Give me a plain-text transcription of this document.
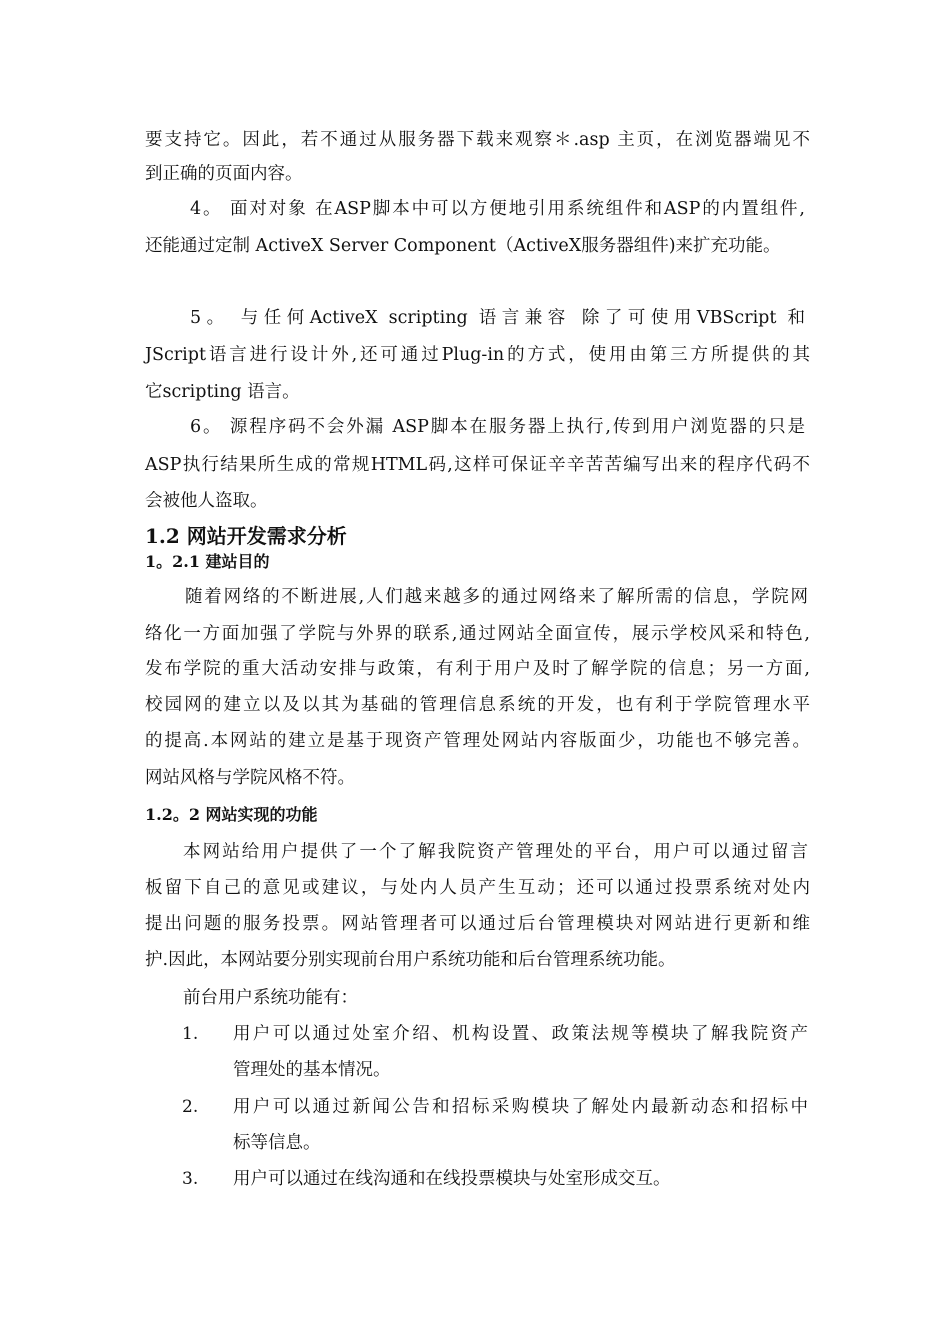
要支持它。因此，若不通过从服务器下载来观察＊.asp 主页，在浏览器端见不
到正确的页面内容。
4。 面对对象 在ASP脚本中可以方便地引用系统组件和ASP的内置组件,
还能通过定制 ActiveX Server Component（ActiveX服务器组件)来扩充功能。
5。 与任何ActiveX scripting 语言兼容 除了可使用VBScript 和
JScript语言进行设计外,还可通过Plug-in的方式，使用由第三方所提供的其
它scripting 语言。
6。 源程序码不会外漏 ASP脚本在服务器上执行,传到用户浏览器的只是
ASP执行结果所生成的常规HTML码,这样可保证辛辛苦苦编写出来的程序代码不
会被他人盗取。
1.2 网站开发需求分析
1。2.1 建站目的
随着网络的不断进展,人们越来越多的通过网络来了解所需的信息，学院网
络化一方面加强了学院与外界的联系,通过网站全面宣传，展示学校风采和特色,
发布学院的重大活动安排与政策，有利于用户及时了解学院的信息；另一方面,
校园网的建立以及以其为基础的管理信息系统的开发，也有利于学院管理水平
的提高.本网站的建立是基于现资产管理处网站内容版面少，功能也不够完善。
网站风格与学院风格不符。
1.2。2 网站实现的功能
本网站给用户提供了一个了解我院资产管理处的平台，用户可以通过留言
板留下自己的意见或建议，与处内人员产生互动；还可以通过投票系统对处内
提出问题的服务投票。网站管理者可以通过后台管理模块对网站进行更新和维
护.因此，本网站要分别实现前台用户系统功能和后台管理系统功能。
前台用户系统功能有：
1. 用户可以通过处室介绍、机构设置、政策法规等模块了解我院资产
管理处的基本情况。
2. 用户可以通过新闻公告和招标采购模块了解处内最新动态和招标中
标等信息。
3. 用户可以通过在线沟通和在线投票模块与处室形成交互。
